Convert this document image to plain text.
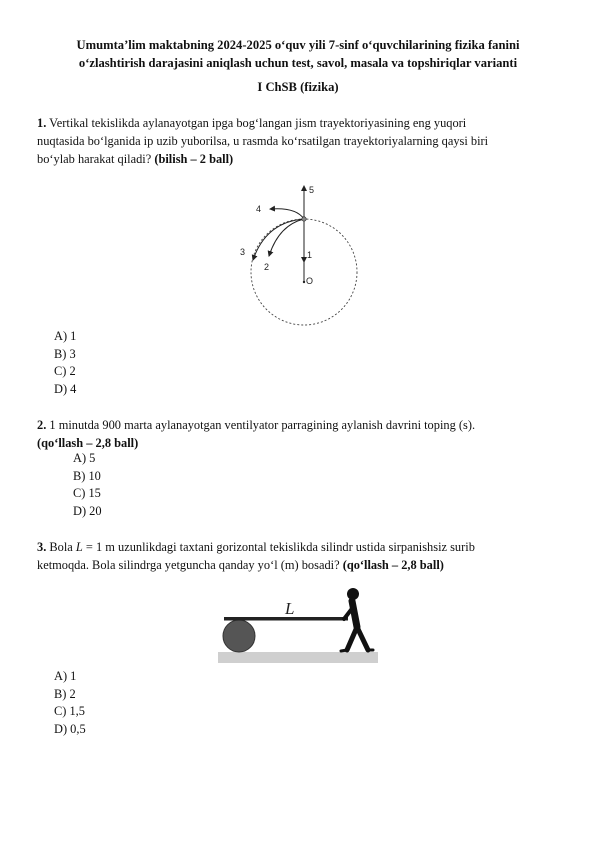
Umumta’lim maktabning 2024-2025 o‘quv yili 7-sinf o‘quvchilarining fizika fanini
o‘zlashtirish darajasini aniqlash uchun test, savol, masala va topshiriqlar varianti
I ChSB (fizika)
1. Vertikal tekislikda aylanayotgan ipga bog‘langan jism trayektoriyasining eng yuqori
nuqtasida bo‘lganida ip uzib yuborilsa, u rasmda ko‘rsatilgan trayektoriyalarning qaysi biri
bo‘ylab harakat qiladi? (bilish – 2 ball)
5
4
3
2
1
O
A) 1
B) 3
C) 2
D) 4
2. 1 minutda 900 marta aylanayotgan ventilyator parragining aylanish davrini toping (s).
(qo‘llash – 2,8 ball)
A) 5
B) 10
C) 15
D) 20
3. Bola L = 1 m uzunlikdagi taxtani gorizontal tekislikda silindr ustida sirpanishsiz surib
ketmoqda. Bola silindrga yetguncha qanday yo‘l (m) bosadi? (qo‘llash – 2,8 ball)
L
A) 1
B) 2
C) 1,5
D) 0,5
